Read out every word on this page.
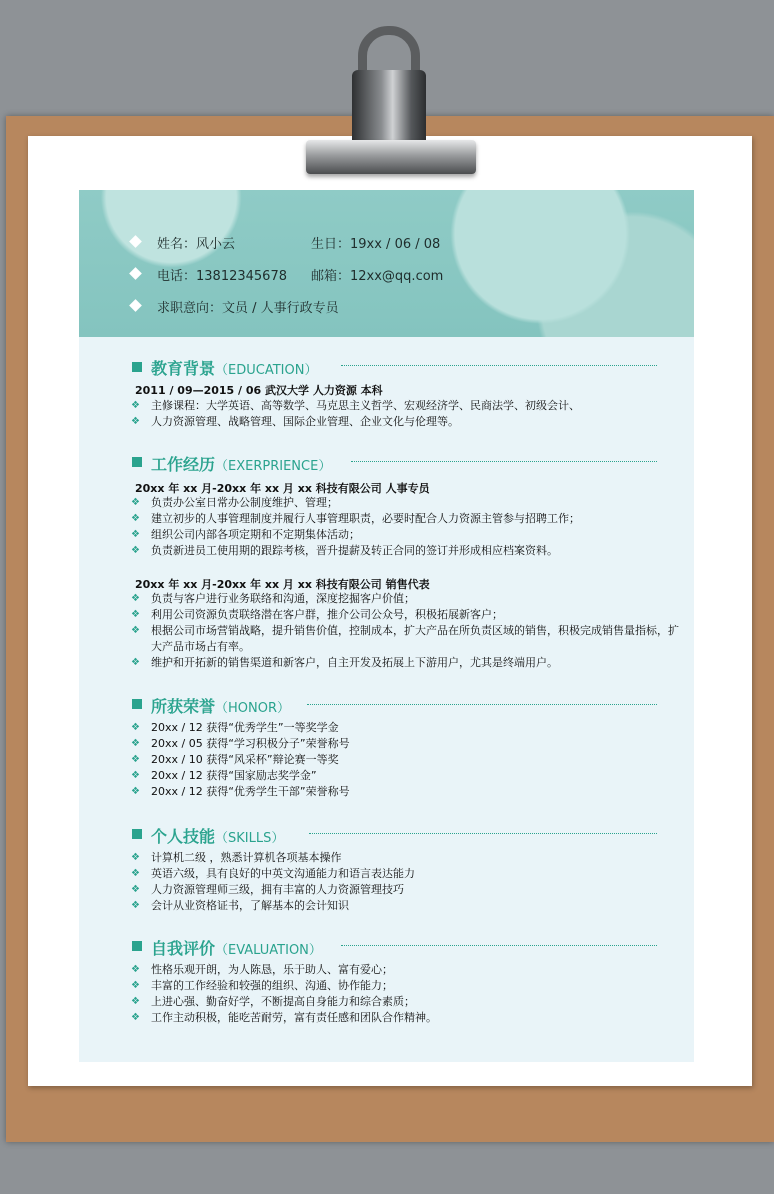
姓名：风小云	生日：19xx / 06 / 08
电话：13812345678 邮箱：12xx@qq.com
求职意向：文员 / 人事行政专员
教育背景（EDUCATION）
2011 / 09—2015 / 06 武汉大学 人力资源 本科
❖ 主修课程：大学英语、高等数学、马克思主义哲学、宏观经济学、民商法学、初级会计、
❖ 人力资源管理、战略管理、国际企业管理、企业文化与伦理等。
工作经历（EXERPRIENCE）
20xx 年 xx 月-20xx 年 xx 月 xx 科技有限公司 人事专员
❖ 负责办公室日常办公制度维护、管理；
❖ 建立初步的人事管理制度并履行人事管理职责，必要时配合人力资源主管参与招聘工作；
❖ 组织公司内部各项定期和不定期集体活动；
❖ 负责新进员工使用期的跟踪考核，晋升提薪及转正合同的签订并形成相应档案资料。
20xx 年 xx 月-20xx 年 xx 月 xx 科技有限公司 销售代表
❖ 负责与客户进行业务联络和沟通，深度挖掘客户价值；
❖ 利用公司资源负责联络潜在客户群，推介公司公众号，积极拓展新客户；
❖ 根据公司市场营销战略，提升销售价值，控制成本，扩大产品在所负责区域的销售，积极完成销售量指标，扩大产品市场占有率。
❖ 维护和开拓新的销售渠道和新客户，自主开发及拓展上下游用户，尤其是终端用户。
所获荣誉（HONOR）
❖ 20xx / 12 获得“优秀学生”一等奖学金
❖ 20xx / 05 获得“学习积极分子”荣誉称号
❖ 20xx / 10 获得“风采杯”辩论赛一等奖
❖ 20xx / 12 获得“国家励志奖学金”
❖ 20xx / 12 获得“优秀学生干部”荣誉称号
个人技能（SKILLS）
❖ 计算机二级 ，熟悉计算机各项基本操作
❖ 英语六级，具有良好的中英文沟通能力和语言表达能力
❖ 人力资源管理师三级，拥有丰富的人力资源管理技巧
❖ 会计从业资格证书，了解基本的会计知识
自我评价（EVALUATION）
❖ 性格乐观开朗，为人陈恳，乐于助人、富有爱心；
❖ 丰富的工作经验和较强的组织、沟通、协作能力；
❖ 上进心强、勤奋好学，不断提高自身能力和综合素质；
❖ 工作主动积极，能吃苦耐劳，富有责任感和团队合作精神。
